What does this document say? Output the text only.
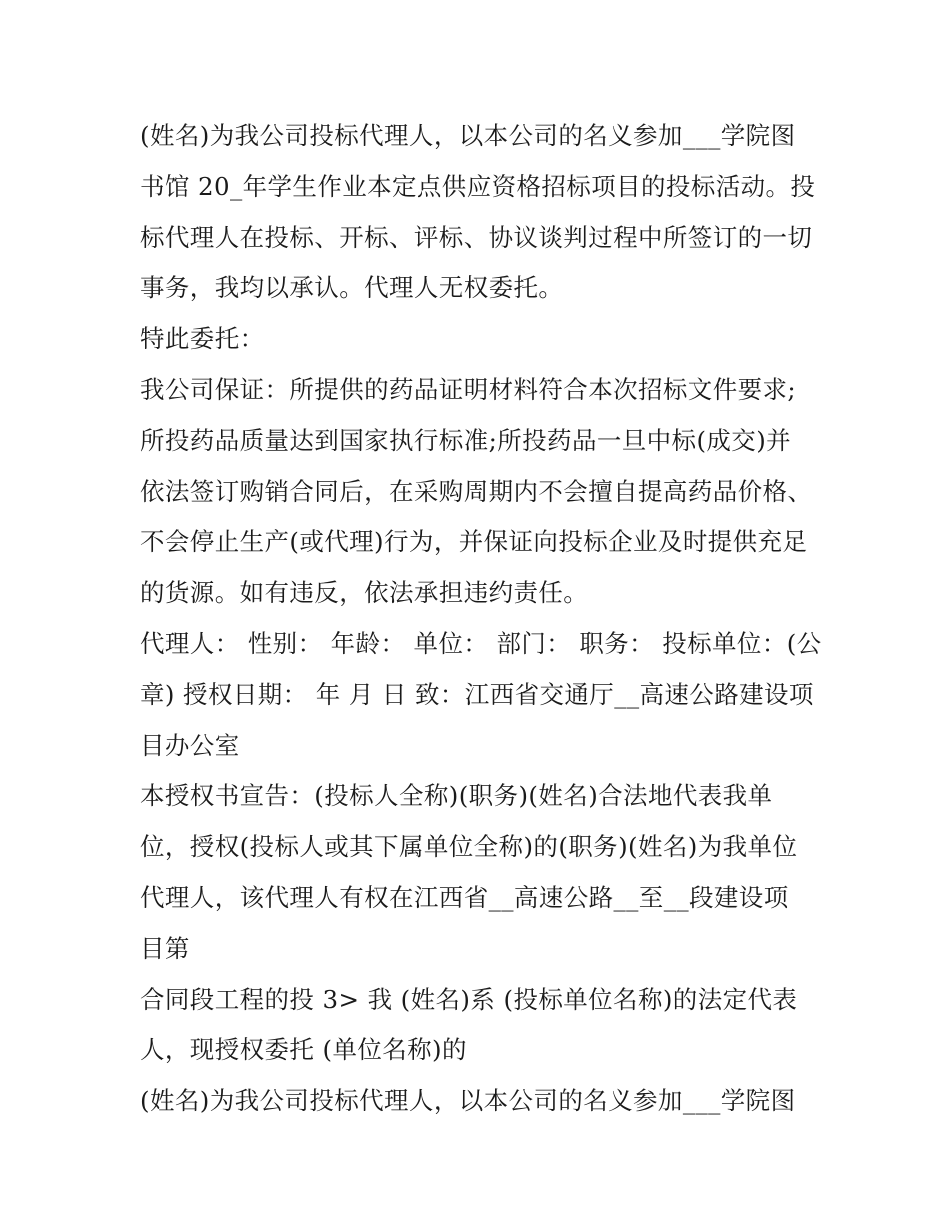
(姓名)为我公司投标代理人，以本公司的名义参加___学院图
书馆 20_年学生作业本定点供应资格招标项目的投标活动。投
标代理人在投标、开标、评标、协议谈判过程中所签订的一切
事务，我均以承认。代理人无权委托。
特此委托：
我公司保证：所提供的药品证明材料符合本次招标文件要求;
所投药品质量达到国家执行标准;所投药品一旦中标(成交)并
依法签订购销合同后，在采购周期内不会擅自提高药品价格、
不会停止生产(或代理)行为，并保证向投标企业及时提供充足
的货源。如有违反，依法承担违约责任。
代理人： 性别： 年龄： 单位： 部门： 职务： 投标单位：(公
章) 授权日期： 年 月 日 致：江西省交通厅__高速公路建设项
目办公室
本授权书宣告：(投标人全称)(职务)(姓名)合法地代表我单
位，授权(投标人或其下属单位全称)的(职务)(姓名)为我单位
代理人，该代理人有权在江西省__高速公路__至__段建设项
目第
合同段工程的投 3> 我 (姓名)系 (投标单位名称)的法定代表
人，现授权委托 (单位名称)的
(姓名)为我公司投标代理人，以本公司的名义参加___学院图
